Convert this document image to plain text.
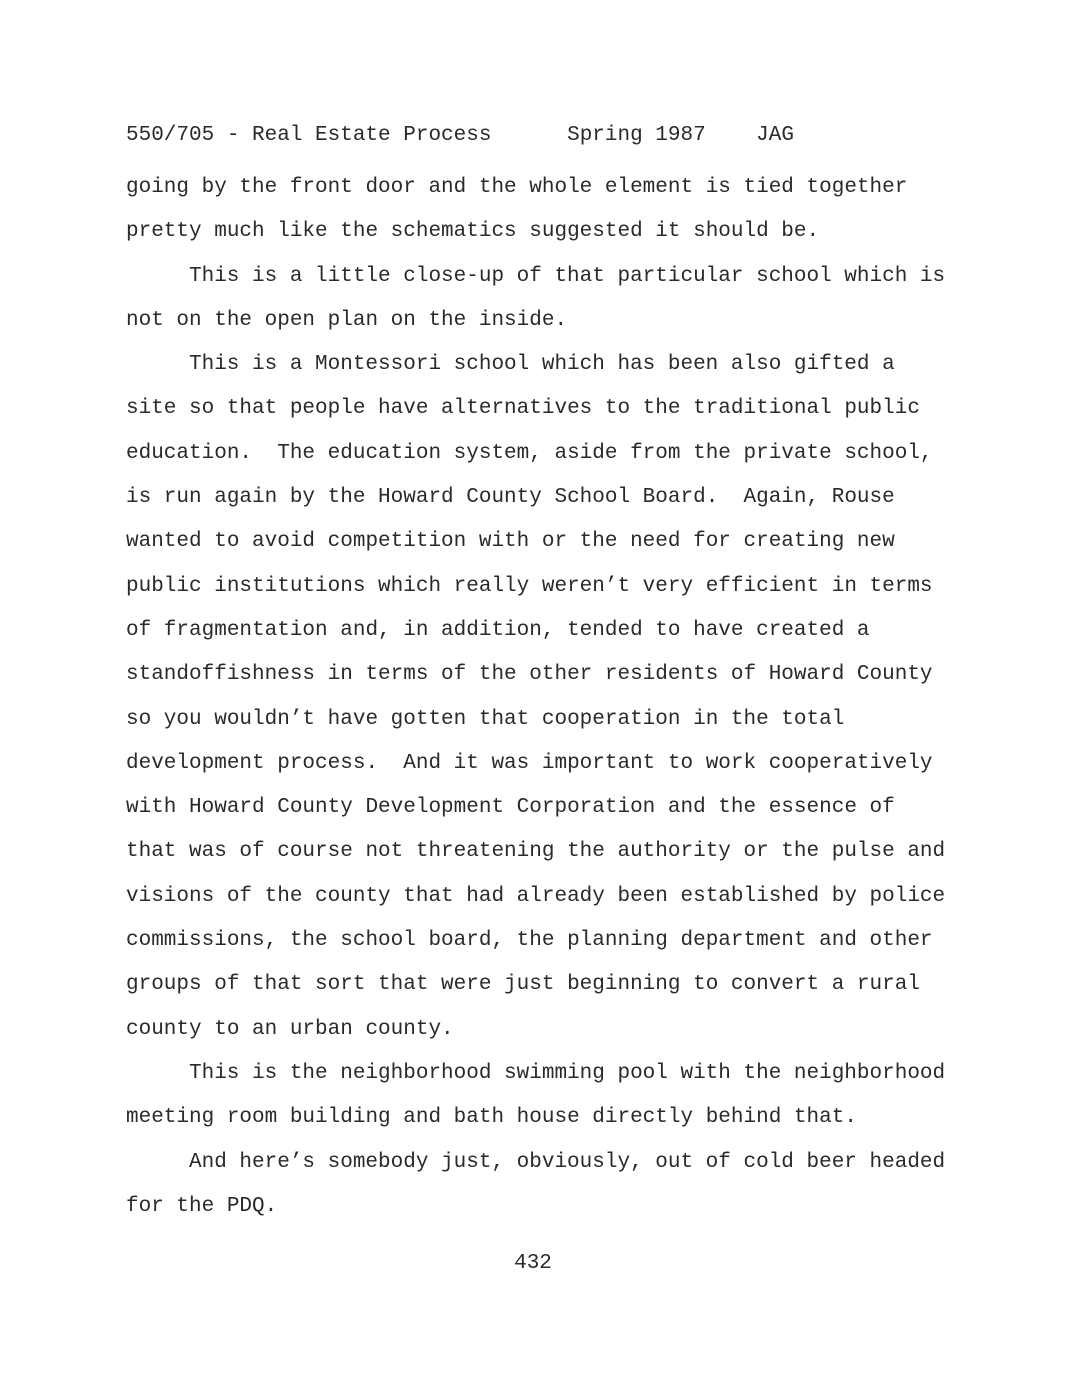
550/705 - Real Estate Process	Spring 1987 JAG

going by the front door and the whole element is tied together
pretty much like the schematics suggested it should be.

This is a little close-up of that particular school which is
not on the open plan on the inside.

This is a Montessori school which has been also gifted a
site so that people have alternatives to the traditional public
education.  The education system, aside from the private school,
is run again by the Howard County School Board.  Again, Rouse
wanted to avoid competition with or the need for creating new
public institutions which really weren’t very efficient in terms
of fragmentation and, in addition, tended to have created a
standoffishness in terms of the other residents of Howard County
so you wouldn’t have gotten that cooperation in the total
development process.  And it was important to work cooperatively
with Howard County Development Corporation and the essence of
that was of course not threatening the authority or the pulse and
visions of the county that had already been established by police
commissions, the school board, the planning department and other
groups of that sort that were just beginning to convert a rural
county to an urban county.

This is the neighborhood swimming pool with the neighborhood
meeting room building and bath house directly behind that.

And here’s somebody just, obviously, out of cold beer headed
for the PDQ.

432
